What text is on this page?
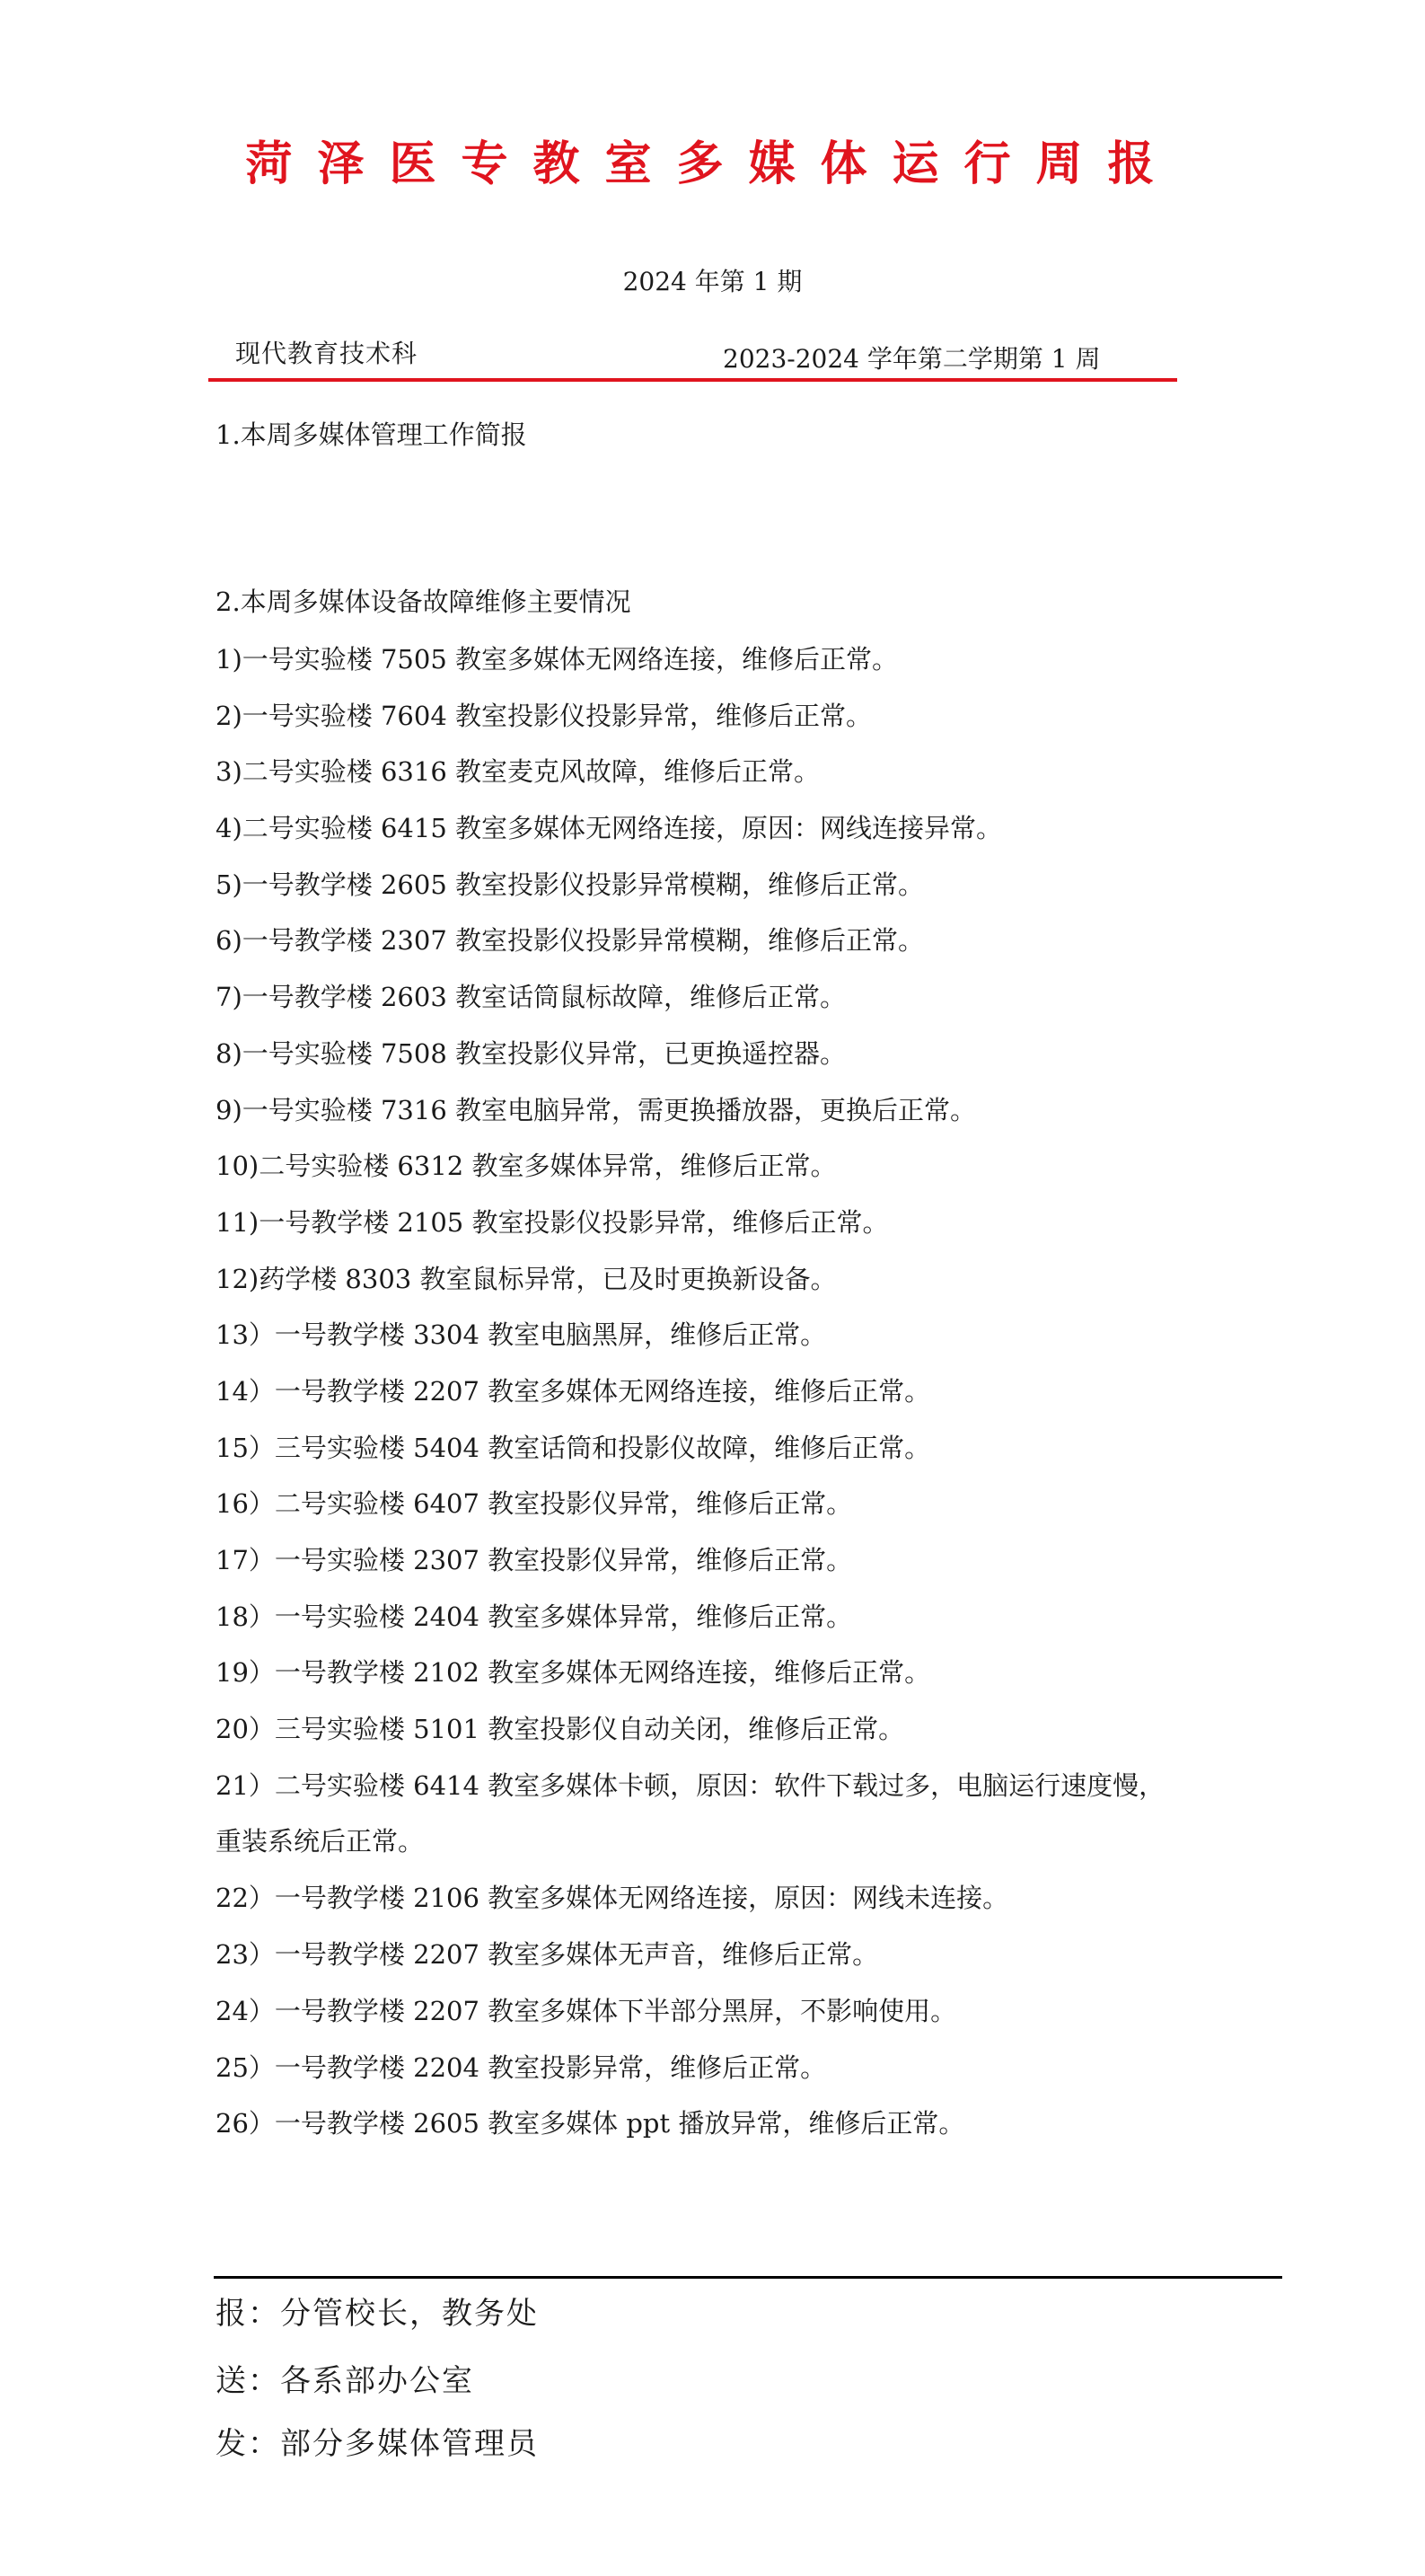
菏泽医专教室多媒体运行周报
2024 年第 1 期
现代教育技术科	2023-2024 学年第二学期第 1 周
1.本周多媒体管理工作简报
2.本周多媒体设备故障维修主要情况
1)一号实验楼 7505 教室多媒体无网络连接，维修后正常。
2)一号实验楼 7604 教室投影仪投影异常，维修后正常。
3)二号实验楼 6316 教室麦克风故障，维修后正常。
4)二号实验楼 6415 教室多媒体无网络连接，原因：网线连接异常。
5)一号教学楼 2605 教室投影仪投影异常模糊，维修后正常。
6)一号教学楼 2307 教室投影仪投影异常模糊，维修后正常。
7)一号教学楼 2603 教室话筒鼠标故障，维修后正常。
8)一号实验楼 7508 教室投影仪异常，已更换遥控器。
9)一号实验楼 7316 教室电脑异常，需更换播放器，更换后正常。
10)二号实验楼 6312 教室多媒体异常，维修后正常。
11)一号教学楼 2105 教室投影仪投影异常，维修后正常。
12)药学楼 8303 教室鼠标异常，已及时更换新设备。
13）一号教学楼 3304 教室电脑黑屏，维修后正常。
14）一号教学楼 2207 教室多媒体无网络连接，维修后正常。
15）三号实验楼 5404 教室话筒和投影仪故障，维修后正常。
16）二号实验楼 6407 教室投影仪异常，维修后正常。
17）一号实验楼 2307 教室投影仪异常，维修后正常。
18）一号实验楼 2404 教室多媒体异常，维修后正常。
19）一号教学楼 2102 教室多媒体无网络连接，维修后正常。
20）三号实验楼 5101 教室投影仪自动关闭，维修后正常。
21）二号实验楼 6414 教室多媒体卡顿，原因：软件下载过多，电脑运行速度慢，
重装系统后正常。
22）一号教学楼 2106 教室多媒体无网络连接，原因：网线未连接。
23）一号教学楼 2207 教室多媒体无声音，维修后正常。
24）一号教学楼 2207 教室多媒体下半部分黑屏，不影响使用。
25）一号教学楼 2204 教室投影异常，维修后正常。
26）一号教学楼 2605 教室多媒体 ppt 播放异常，维修后正常。
报：分管校长，教务处
送：各系部办公室
发：部分多媒体管理员
